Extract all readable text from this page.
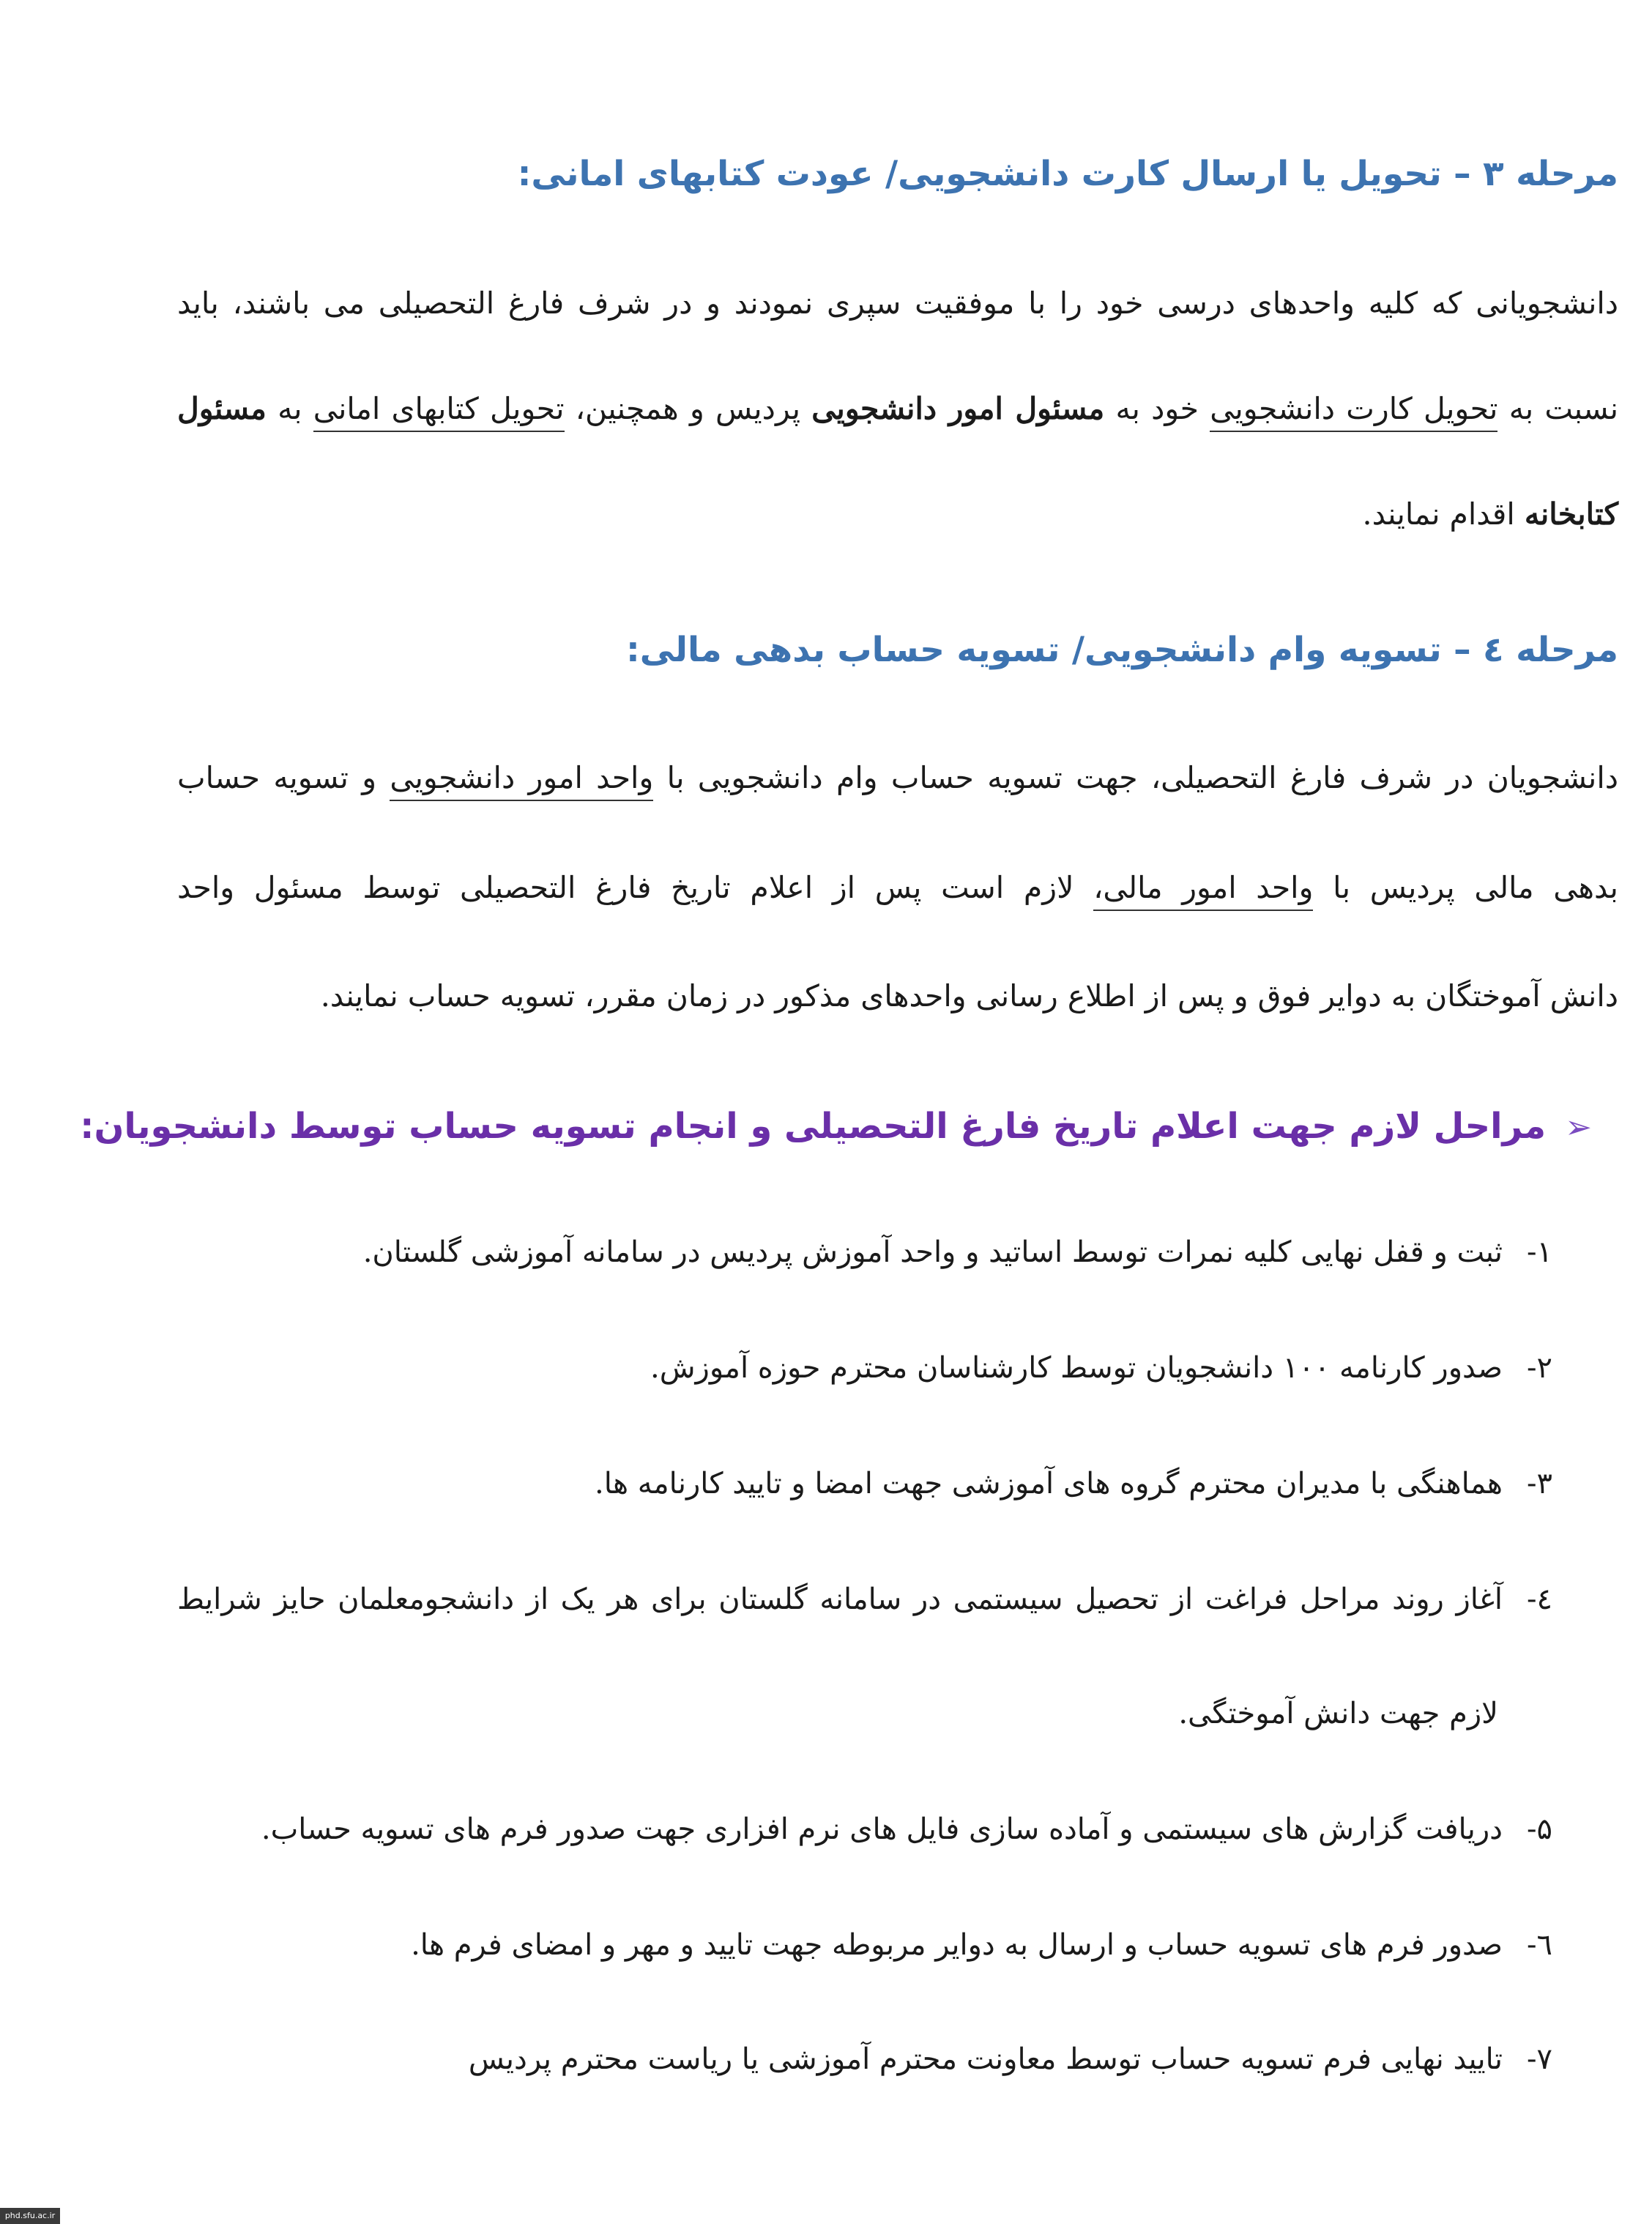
مرحله ۳ – تحویل یا ارسال کارت دانشجویی/ عودت کتابهای امانی:
دانشجویانی که کلیه واحدهای درسی خود را با موفقیت سپری نمودند و در شرف فارغ التحصیلی می باشند، باید
نسبت به تحویل کارت دانشجویی خود به مسئول امور دانشجویی پردیس و همچنین، تحویل کتابهای امانی به مسئول
کتابخانه اقدام نمایند.
مرحله ٤ – تسویه وام دانشجویی/ تسویه حساب بدهی مالی:
دانشجویان در شرف فارغ التحصیلی، جهت تسویه حساب وام دانشجویی با واحد امور دانشجویی و تسویه حساب
بدهی مالی پردیس با واحد امور مالی، لازم است پس از اعلام تاریخ فارغ التحصیلی توسط مسئول واحد
دانش آموختگان به دوایر فوق و پس از اطلاع رسانی واحدهای مذکور در زمان مقرر، تسویه حساب نمایند.
➢مراحل لازم جهت اعلام تاریخ فارغ التحصیلی و انجام تسویه حساب توسط دانشجویان:
۱-ثبت و قفل نهایی کلیه نمرات توسط اساتید و واحد آموزش پردیس در سامانه آموزشی گلستان.
۲-صدور کارنامه ۱۰۰ دانشجویان توسط کارشناسان محترم حوزه آموزش.
۳-هماهنگی با مدیران محترم گروه های آموزشی جهت امضا و تایید کارنامه ها.
٤-آغاز روند مراحل فراغت از تحصیل سیستمی در سامانه گلستان برای هر یک از دانشجومعلمان حایز شرایط
لازم جهت دانش آموختگی.
۵-دریافت گزارش های سیستمی و آماده سازی فایل های نرم افزاری جهت صدور فرم های تسویه حساب.
٦-صدور فرم های تسویه حساب و ارسال به دوایر مربوطه جهت تایید و مهر و امضای فرم ها.
۷-تایید نهایی فرم تسویه حساب توسط معاونت محترم آموزشی یا ریاست محترم پردیس
phd.sfu.ac.ir
